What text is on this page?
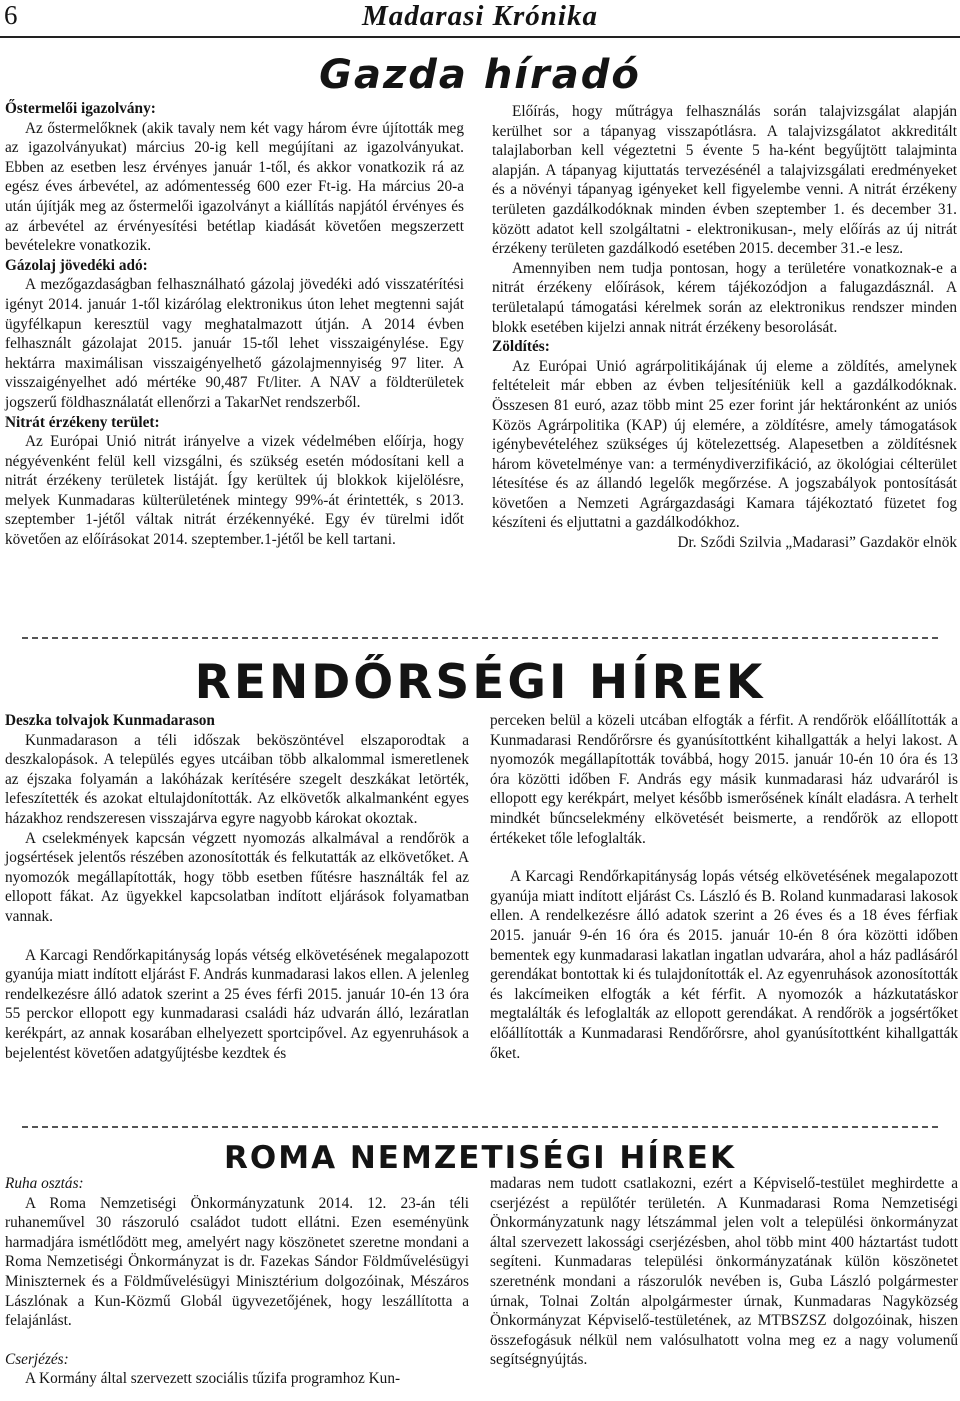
6	Madarasi Krónika
Gazda híradó

Őstermelői igazolvány:

Az őstermelőknek (akik tavaly nem két vagy három évre újították meg az igazolványukat) március 20-ig kell megújítani az igazolványukat. Ebben az esetben lesz érvényes január 1-től, és akkor vonatkozik rá az egész éves árbevétel, az adómentesség 600 ezer Ft-ig. Ha március 20-a után újítják meg az őstermelői igazolványt a kiállítás napjától érvényes és az árbevétel az érvényesítési betétlap kiadását követően megszerzett bevételekre vonatkozik.

Gázolaj jövedéki adó:

A mezőgazdaságban felhasználható gázolaj jövedéki adó visszatérítési igényt 2014. január 1-től kizárólag elektronikus úton lehet megtenni saját ügyfélkapun keresztül vagy meghatalmazott útján. A 2014 évben felhasznált gázolajat 2015. január 15-től lehet visszaigénylése. Egy hektárra maximálisan visszaigényelhető gázolajmennyiség 97 liter. A visszaigényelhet adó mértéke 90,487 Ft/liter. A NAV a földterületek jogszerű földhasználatát ellenőrzi a TakarNet rendszerből.

Nitrát érzékeny terület:

Az Európai Unió nitrát irányelve a vizek védelmében előírja, hogy négyévenként felül kell vizsgálni, és szükség esetén módosítani kell a nitrát érzékeny területek listáját. Így kerültek új blokkok kijelölésre, melyek Kunmadaras külterületének mintegy 99%-át érintették, s 2013. szeptember 1-jétől váltak nitrát érzékennyéké. Egy év türelmi időt követően az előírásokat 2014. szeptember.1-jétől be kell tartani.

Előírás, hogy műtrágya felhasználás során talajvizsgálat alapján kerülhet sor a tápanyag visszapótlásra. A talajvizsgálatot akkreditált talajlaborban kell végeztetni 5 évente 5 ha-ként begyűjtött talajminta alapján. A tápanyag kijuttatás tervezésénél a talajvizsgálati eredményeket és a növényi tápanyag igényeket kell figyelembe venni. A nitrát érzékeny területen gazdálkodóknak minden évben szeptember 1. és december 31. között adatot kell szolgáltatni - elektronikusan-, mely előírás az új nitrát érzékeny területen gazdálkodó esetében 2015. december 31.-e lesz.

Amennyiben nem tudja pontosan, hogy a területére vonatkoznak-e a nitrát érzékeny előírások, kérem tájékozódjon a falugazdásznál. A területalapú támogatási kérelmek során az elektronikus rendszer minden blokk esetében kijelzi annak nitrát érzékeny besorolását.

Zöldítés:

Az Európai Unió agrárpolitikájának új eleme a zöldítés, amelynek feltételeit már ebben az évben teljesíténiük kell a gazdálkodóknak. Összesen 81 euró, azaz több mint 25 ezer forint jár hektáronként az uniós Közös Agrárpolitika (KAP) új elemére, a zöldítésre, amely támogatások igénybevételéhez szükséges új kötelezettség. Alapesetben a zöldítésnek három követelménye van: a terménydiverzifikáció, az ökológiai célterület létesítése és az állandó legelők megőrzése. A jogszabályok pontosítását követően a Nemzeti Agrárgazdasági Kamara tájékoztató füzetet fog készíteni és eljuttatni a gazdálkodókhoz.

Dr. Sződi Szilvia „Madarasi” Gazdakör elnök

RENDŐRSÉGI HÍREK

Deszka tolvajok Kunmadarason

Kunmadarason a téli időszak beköszöntével elszaporodtak a deszkalopások. A település egyes utcáiban több alkalommal ismeretlenek az éjszaka folyamán a lakóházak kerítésére szegelt deszkákat letörték, lefeszítették és azokat eltulajdonították. Az elkövetők alkalmanként egyes házakhoz rendszeresen visszajárva egyre nagyobb károkat okoztak.

A cselekmények kapcsán végzett nyomozás alkalmával a rendőrök a jogsértések jelentős részében azonosították és felkutatták az elkövetőket. A nyomozók megállapították, hogy több esetben fűtésre használták fel az ellopott fákat. Az ügyekkel kapcsolatban indított eljárások folyamatban vannak.

A Karcagi Rendőrkapitányság lopás vétség elkövetésének megalapozott gyanúja miatt indított eljárást F. András kunmadarasi lakos ellen. A jelenleg rendelkezésre álló adatok szerint a 25 éves férfi 2015. január 10-én 13 óra 55 perckor ellopott egy kunmadarasi családi ház udvarán álló, lezáratlan kerékpárt, az annak kosarában elhelyezett sportcipővel. Az egyenruhások a bejelentést követően adatgyűjtésbe kezdtek és

perceken belül a közeli utcában elfogták a férfit. A rendőrök előállították a Kunmadarasi Rendőrőrsre és gyanúsítottként kihallgatták a helyi lakost. A nyomozók megállapították továbbá, hogy 2015. január 10-én 10 óra és 13 óra közötti időben F. András egy másik kunmadarasi ház udvaráról is ellopott egy kerékpárt, melyet később ismerősének kínált eladásra. A terhelt mindkét bűncselekmény elkövetését beismerte, a rendőrök az ellopott értékeket tőle lefoglalták.

A Karcagi Rendőrkapitányság lopás vétség elkövetésének megalapozott gyanúja miatt indított eljárást Cs. László és B. Roland kunmadarasi lakosok ellen. A rendelkezésre álló adatok szerint a 26 éves és a 18 éves férfiak 2015. január 9-én 16 óra és 2015. január 10-én 8 óra közötti időben bementek egy kunmadarasi lakatlan ingatlan udvarára, ahol a ház padlásáról gerendákat bontottak ki és tulajdonították el. Az egyenruhások azonosították és lakcímeiken elfogták a két férfit. A nyomozók a házkutatáskor megtalálták és lefoglalták az ellopott gerendákat. A rendőrök a jogsértőket előállították a Kunmadarasi Rendőrőrsre, ahol gyanúsítottként kihallgatták őket.

ROMA NEMZETISÉGI HÍREK

Ruha osztás:

A Roma Nemzetiségi Önkormányzatunk 2014. 12. 23-án téli ruhaneművel 30 rászoruló családot tudott ellátni. Ezen eseményünk harmadjára ismétlődött meg, amelyért nagy köszönetet szeretne mondani a Roma Nemzetiségi Önkormányzat is dr. Fazekas Sándor Földművelésügyi Miniszternek és a Földművelésügyi Minisztérium dolgozóinak, Mészáros Lászlónak a Kun-Közmű Globál ügyvezetőjének, hogy leszállította a felajánlást.

Cserjézés:

A Kormány által szervezett szociális tűzifa programhoz Kun-

madaras nem tudott csatlakozni, ezért a Képviselő-testület meghirdette a cserjézést a repülőtér területén. A Kunmadarasi Roma Nemzetiségi Önkormányzatunk nagy létszámmal jelen volt a települési önkormányzat által szervezett lakossági cserjézésben, ahol több mint 400 háztartást tudott segíteni. Kunmadaras települési önkormányzatának külön köszönetet szeretnénk mondani a rászorulók nevében is, Guba László polgármester úrnak, Tolnai Zoltán alpolgármester úrnak, Kunmadaras Nagyközség Önkormányzat Képviselő-testületének, az MTBSZSZ dolgozóinak, hiszen összefogásuk nélkül nem valósulhatott volna meg ez a nagy volumenű segítségnyújtás.
